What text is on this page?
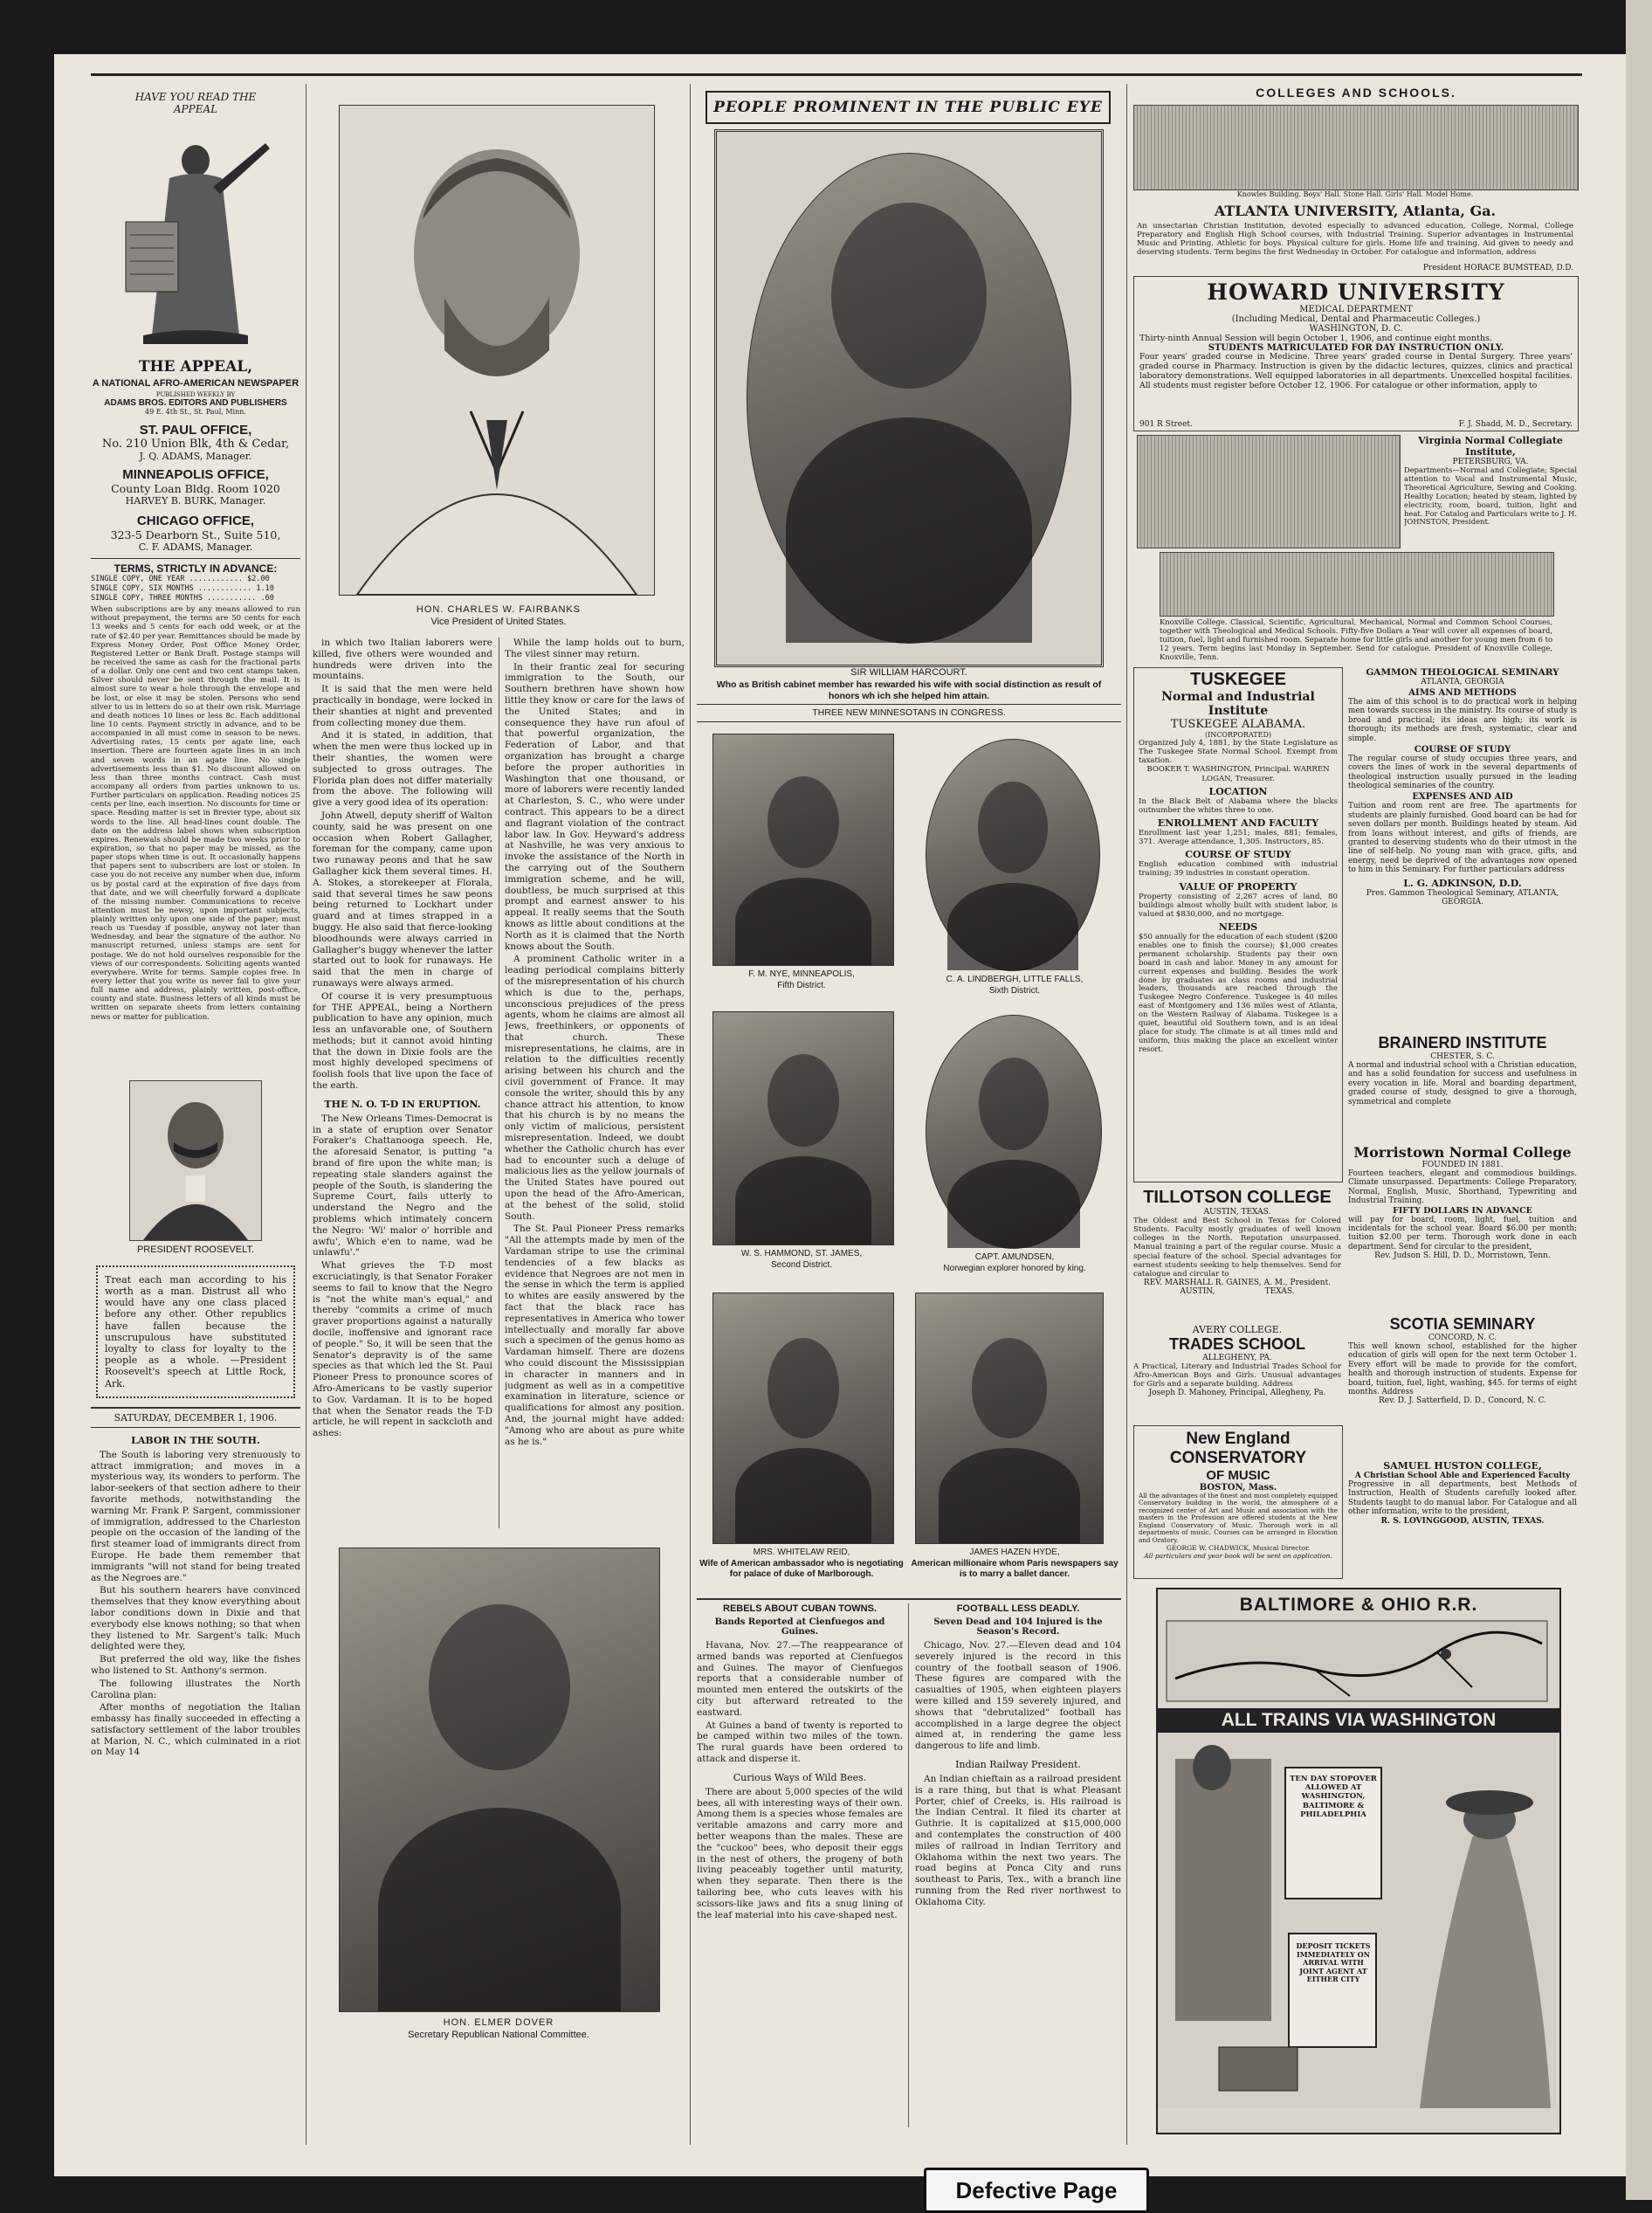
HAVE YOU READ THE APPEAL
THE APPEAL,
A NATIONAL AFRO-AMERICAN NEWSPAPER
PUBLISHED WEEKLY BY
ADAMS BROS. EDITORS AND PUBLISHERS
49 E. 4th St., St. Paul, Minn.
ST. PAUL OFFICE,
No. 210 Union Blk, 4th & Cedar,
J. Q. ADAMS, Manager.
MINNEAPOLIS OFFICE,
County Loan Bldg. Room 1020
HARVEY B. BURK, Manager.
CHICAGO OFFICE,
323-5 Dearborn St., Suite 510,
C. F. ADAMS, Manager.
TERMS, STRICTLY IN ADVANCE:
SINGLE COPY, ONE YEAR ............ $2.00
SINGLE COPY, SIX MONTHS ............ 1.10
SINGLE COPY, THREE MONTHS ........... .60

When subscriptions are by any means allowed to run without prepayment, the terms are 50 cents for each 13 weeks and 5 cents for each odd week, or at the rate of $2.40 per year. Remittances should be made by Express Money Order, Post Office Money Order, Registered Letter or Bank Draft. Postage stamps will be received the same as cash for the fractional parts of a dollar. Only one cent and two cent stamps taken. Silver should never be sent through the mail. It is almost sure to wear a hole through the envelope and be lost, or else it may be stolen. Persons who send silver to us in letters do so at their own risk. Marriage and death notices 10 lines or less 8c. Each additional line 10 cents. Payment strictly in advance, and to be accompanied in all must come in season to be news. Advertising rates, 15 cents per agate line, each insertion. There are fourteen agate lines in an inch and seven words in an agate line. No single advertisements less than $1. No discount allowed on less than three months contract. Cash must accompany all orders from parties unknown to us. Further particulars on application. Reading notices 25 cents per line, each insertion. No discounts for time or space. Reading matter is set in Brevier type, about six words to the line. All head-lines count double. The date on the address label shows when subscription expires. Renewals should be made two weeks prior to expiration, so that no paper may be missed, as the paper stops when time is out. It occasionally happens that papers sent to subscribers are lost or stolen. In case you do not receive any number when due, inform us by postal card at the expiration of five days from that date, and we will cheerfully forward a duplicate of the missing number. Communications to receive attention must be newsy, upon important subjects, plainly written only upon one side of the paper; must reach us Tuesday if possible, anyway not later than Wednesday, and bear the signature of the author. No manuscript returned, unless stamps are sent for postage. We do not hold ourselves responsible for the views of our correspondents. Soliciting agents wanted everywhere. Write for terms. Sample copies free. In every letter that you write us never fail to give your full name and address, plainly written, post-office, county and state. Business letters of all kinds must be written on separate sheets from letters containing news or matter for publication.

PRESIDENT ROOSEVELT.
Treat each man according to his worth as a man. Distrust all who would have any one class placed before any other. Other republics have fallen because the unscrupulous have substituted loyalty to class for loyalty to the people as a whole. —President Roosevelt's speech at Little Rock, Ark.
SATURDAY, DECEMBER 1, 1906.
LABOR IN THE SOUTH.

The South is laboring very strenuously to attract immigration; and moves in a mysterious way, its wonders to perform. The labor-seekers of that section adhere to their favorite methods, notwithstanding the warning Mr. Frank P. Sargent, commissioner of immigration, addressed to the Charleston people on the occasion of the landing of the first steamer load of immigrants direct from Europe. He bade them remember that immigrants "will not stand for being treated as the Negroes are."

But his southern hearers have convinced themselves that they know everything about labor conditions down in Dixie and that everybody else knows nothing; so that when they listened to Mr. Sargent's talk: Much delighted were they,

But preferred the old way, like the fishes who listened to St. Anthony's sermon.

The following illustrates the North Carolina plan:

After months of negotiation the Italian embassy has finally succeeded in effecting a satisfactory settlement of the labor troubles at Marion, N. C., which culminated in a riot on May 14

HON. CHARLES W. FAIRBANKS
Vice President of United States.

in which two Italian laborers were killed, five others were wounded and hundreds were driven into the mountains.

It is said that the men were held practically in bondage, were locked in their shanties at night and prevented from collecting money due them.

And it is stated, in addition, that when the men were thus locked up in their shanties, the women were subjected to gross outrages. The Florida plan does not differ materially from the above. The following will give a very good idea of its operation:

John Atwell, deputy sheriff of Walton county, said he was present on one occasion when Robert Gallagher, foreman for the company, came upon two runaway peons and that he saw Gallagher kick them several times. H. A. Stokes, a storekeeper at Florala, said that several times he saw peons being returned to Lockhart under guard and at times strapped in a buggy. He also said that fierce-looking bloodhounds were always carried in Gallagher's buggy whenever the latter started out to look for runaways. He said that the men in charge of runaways were always armed.

Of course it is very presumptuous for THE APPEAL, being a Northern publication to have any opinion, much less an unfavorable one, of Southern methods; but it cannot avoid hinting that the down in Dixie fools are the most highly developed specimens of foolish fools that live upon the face of the earth.

THE N. O. T-D IN ERUPTION.

The New Orleans Times-Democrat is in a state of eruption over Senator Foraker's Chattanooga speech. He, the aforesaid Senator, is putting "a brand of fire upon the white man; is repeating stale slanders against the people of the South, is slandering the Supreme Court, fails utterly to understand the Negro and the problems which intimately concern the Negro: 'Wi' malor o' horrible and awfu', Which e'en to name, wad be unlawfu'."

What grieves the T-D most excruciatingly, is that Senator Foraker seems to fail to know that the Negro is "not the white man's equal," and thereby "commits a crime of much graver proportions against a naturally docile, inoffensive and ignorant race of people." So, it will be seen that the Senator's depravity is of the same species as that which led the St. Paul Pioneer Press to pronounce scores of Afro-Americans to be vastly superior to Gov. Vardaman. It is to be hoped that when the Senator reads the T-D article, he will repent in sackcloth and ashes:

While the lamp holds out to burn, The vilest sinner may return.

In their frantic zeal for securing immigration to the South, our Southern brethren have shown how little they know or care for the laws of the United States; and in consequence they have run afoul of that powerful organization, the Federation of Labor, and that organization has brought a charge before the proper authorities in Washington that one thousand, or more of laborers were recently landed at Charleston, S. C., who were under contract. This appears to be a direct and flagrant violation of the contract labor law. In Gov. Heyward's address at Nashville, he was very anxious to invoke the assistance of the North in the carrying out of the Southern immigration scheme, and he will, doubtless, be much surprised at this prompt and earnest answer to his appeal. It really seems that the South knows as little about conditions at the North as it is claimed that the North knows about the South.

A prominent Catholic writer in a leading periodical complains bitterly of the misrepresentation of his church which is due to the, perhaps, unconscious prejudices of the press agents, whom he claims are almost all Jews, freethinkers, or opponents of that church. These misrepresentations, he claims, are in relation to the difficulties recently arising between his church and the civil government of France. It may console the writer, should this by any chance attract his attention, to know that his church is by no means the only victim of malicious, persistent misrepresentation. Indeed, we doubt whether the Catholic church has ever had to encounter such a deluge of malicious lies as the yellow journals of the United States have poured out upon the head of the Afro-American, at the behest of the solid, stolid South.

The St. Paul Pioneer Press remarks "All the attempts made by men of the Vardaman stripe to use the criminal tendencies of a few blacks as evidence that Negroes are not men in the sense in which the term is applied to whites are easily answered by the fact that the black race has representatives in America who tower intellectually and morally far above such a specimen of the genus homo as Vardaman himself. There are dozens who could discount the Mississippian in character in manners and in judgment as well as in a competitive examination in literature, science or qualifications for almost any position. And, the journal might have added: "Among who are about as pure white as he is."

HON. ELMER DOVER
Secretary Republican National Committee.
PEOPLE PROMINENT IN THE PUBLIC EYE
SIR WILLIAM HARCOURT.
Who as British cabinet member has rewarded his wife with social distinction as result of honors wh ich she helped him attain.
THREE NEW MINNESOTANS IN CONGRESS.
F. M. NYE, MINNEAPOLIS,
Fifth District.
C. A. LINDBERGH, LITTLE FALLS,
Sixth District.
W. S. HAMMOND, ST. JAMES,
Second District.
CAPT. AMUNDSEN,
Norwegian explorer honored by king.
MRS. WHITELAW REID,
Wife of American ambassador who is negotiating for palace of duke of Marlborough.
JAMES HAZEN HYDE,
American millionaire whom Paris newspapers say is to marry a ballet dancer.
REBELS ABOUT CUBAN TOWNS.
Bands Reported at Cienfuegos and Guines.

Havana, Nov. 27.—The reappearance of armed bands was reported at Cienfuegos and Guines. The mayor of Cienfuegos reports that a considerable number of mounted men entered the outskirts of the city but afterward retreated to the eastward.

At Guines a band of twenty is reported to be camped within two miles of the town. The rural guards have been ordered to attack and disperse it.

Curious Ways of Wild Bees.

There are about 5,000 species of the wild bees, all with interesting ways of their own. Among them is a species whose females are veritable amazons and carry more and better weapons than the males. These are the "cuckoo" bees, who deposit their eggs in the nest of others, the progeny of both living peaceably together until maturity, when they separate. Then there is the tailoring bee, who cuts leaves with his scissors-like jaws and fits a snug lining of the leaf material into his cave-shaped nest.

FOOTBALL LESS DEADLY.
Seven Dead and 104 Injured is the Season's Record.

Chicago, Nov. 27.—Eleven dead and 104 severely injured is the record in this country of the football season of 1906. These figures are compared with the casualties of 1905, when eighteen players were killed and 159 severely injured, and shows that "debrutalized" football has accomplished in a large degree the object aimed at, in rendering the game less dangerous to life and limb.

Indian Railway President.

An Indian chieftain as a railroad president is a rare thing, but that is what Pleasant Porter, chief of Creeks, is. His railroad is the Indian Central. It filed its charter at Guthrie. It is capitalized at $15,000,000 and contemplates the construction of 400 miles of railroad in Indian Territory and Oklahoma within the next two years. The road begins at Ponca City and runs southeast to Paris, Tex., with a branch line running from the Red river northwest to Oklahoma City.

COLLEGES AND SCHOOLS.
Knowles Building. Boys' Hall. Stone Hall. Girls' Hall. Model Home.
ATLANTA UNIVERSITY, Atlanta, Ga.

An unsectarian Christian Institution, devoted especially to advanced education, College, Normal, College Preparatory and English High School courses, with Industrial Training. Superior advantages in Instrumental Music and Printing. Athletic for boys. Physical culture for girls. Home life and training. Aid given to needy and deserving students. Term begins the first Wednesday in October. For catalogue and information, address

President HORACE BUMSTEAD, D.D.
HOWARD UNIVERSITY
MEDICAL DEPARTMENT
(Including Medical, Dental and Pharmaceutic Colleges.)
WASHINGTON, D. C.

Thirty-ninth Annual Session will begin October 1, 1906, and continue eight months.

STUDENTS MATRICULATED FOR DAY INSTRUCTION ONLY.

Four years' graded course in Medicine. Three years' graded course in Dental Surgery. Three years' graded course in Pharmacy. Instruction is given by the didactic lectures, quizzes, clinics and practical laboratory demonstrations. Well equipped laboratories in all departments. Unexcelled hospital facilities. All students must register before October 12, 1906. For catalogue or other information, apply to

901 R Street.	F. J. Shadd, M. D., Secretary.
Virginia Normal Collegiate Institute,
PETERSBURG, VA.

Departments—Normal and Collegiate; Special attention to Vocal and Instrumental Music, Theoretical Agriculture, Sewing and Cooking. Healthy Location; heated by steam, lighted by electricity, room, board, tuition, light and heat. For Catalog and Particulars write to J. H. JOHNSTON, President.

Knoxville College. Classical, Scientific, Agricultural, Mechanical, Normal and Common School Courses, together with Theological and Medical Schools. Fifty-five Dollars a Year will cover all expenses of board, tuition, fuel, light and furnished room. Separate home for little girls and another for young men from 6 to 12 years. Term begins last Monday in September. Send for catalogue. President of Knoxville College, Knoxville, Tenn.

TUSKEGEE
Normal and Industrial Institute
TUSKEGEE ALABAMA.
(INCORPORATED)

Organized July 4, 1881, by the State Legislature as The Tuskegee State Normal School. Exempt from taxation.

BOOKER T. WASHINGTON, Principal. WARREN LOGAN, Treasurer.

LOCATION

In the Black Belt of Alabama where the blacks outnumber the whites three to one.

ENROLLMENT AND FACULTY

Enrollment last year 1,251; males, 881; females, 371. Average attendance, 1,305. Instructors, 85.

COURSE OF STUDY

English education combined with industrial training; 39 industries in constant operation.

VALUE OF PROPERTY

Property consisting of 2,267 acres of land, 80 buildings almost wholly built with student labor, is valued at $830,000, and no mortgage.

NEEDS

$50 annually for the education of each student ($200 enables one to finish the course); $1,000 creates permanent scholarship. Students pay their own board in cash and labor. Money in any amount for current expenses and building. Besides the work done by graduates as class rooms and industrial leaders, thousands are reached through the Tuskegee Negro Conference. Tuskegee is 40 miles east of Montgomery and 136 miles west of Atlanta, on the Western Railway of Alabama. Tuskegee is a quiet, beautiful old Southern town, and is an ideal place for study. The climate is at all times mild and uniform, thus making the place an excellent winter resort.

GAMMON THEOLOGICAL SEMINARY
ATLANTA, GEORGIA
AIMS AND METHODS

The aim of this school is to do practical work in helping men towards success in the ministry. Its course of study is broad and practical; its ideas are high; its work is thorough; its methods are fresh, systematic, clear and simple.

COURSE OF STUDY

The regular course of study occupies three years, and covers the lines of work in the several departments of theological instruction usually pursued in the leading theological seminaries of the country.

EXPENSES AND AID

Tuition and room rent are free. The apartments for students are plainly furnished. Good board can be had for seven dollars per month. Buildings heated by steam. Aid from loans without interest, and gifts of friends, are granted to deserving students who do their utmost in the line of self-help. No young man with grace, gifts, and energy, need be deprived of the advantages now opened to him in this Seminary. For further particulars address

L. G. ADKINSON, D.D.
Pres. Gammon Theological Seminary, ATLANTA, GEORGIA.
BRAINERD INSTITUTE
CHESTER, S. C.

A normal and industrial school with a Christian education, and has a solid foundation for success and usefulness in every vocation in life. Moral and boarding department, graded course of study, designed to give a thorough, symmetrical and complete

TILLOTSON COLLEGE
AUSTIN, TEXAS.

The Oldest and Best School in Texas for Colored Students. Faculty mostly graduates of well known colleges in the North. Reputation unsurpassed. Manual training a part of the regular course. Music a special feature of the school. Special advantages for earnest students seeking to help themselves. Send for catalogue and circular to

REV. MARSHALL R. GAINES, A. M., President.
AUSTIN,                    TEXAS.
Morristown Normal College
FOUNDED IN 1881.

Fourteen teachers, elegant and commodious buildings. Climate unsurpassed. Departments: College Preparatory, Normal, English, Music, Shorthand, Typewriting and Industrial Training.

FIFTY DOLLARS IN ADVANCE

will pay for board, room, light, fuel, tuition and incidentals for the school year. Board $6.00 per month; tuition $2.00 per term. Thorough work done in each department. Send for circular to the president,

Rev. Judson S. Hill, D. D., Morristown, Tenn.
AVERY COLLEGE.
TRADES SCHOOL
ALLEGHENY, PA.

A Practical, Literary and Industrial Trades School for Afro-American Boys and Girls. Unusual advantages for Girls and a separate building. Address

Joseph D. Mahoney, Principal, Allegheny, Pa.
SCOTIA SEMINARY
CONCORD, N. C.

This well known school, established for the higher education of girls will open for the next term October 1. Every effort will be made to provide for the comfort, health and thorough instruction of students. Expense for board, tuition, fuel, light, washing, $45. for terms of eight months. Address

Rev. D. J. Satterfield, D. D., Concord, N. C.
New England
CONSERVATORY
OF MUSIC
BOSTON, Mass.

All the advantages of the finest and most completely equipped Conservatory building in the world, the atmosphere of a recognized center of Art and Music and association with the masters in the Profession are offered students at the New England Conservatory of Music. Thorough work in all departments of music. Courses can be arranged in Elocution and Oratory.

GEORGE W. CHADWICK, Musical Director.
All particulars and year book will be sent on application.
SAMUEL HUSTON COLLEGE,
A Christian School Able and Experienced Faculty

Progressive in all departments, best Methods of Instruction, Health of Students carefully looked after. Students taught to do manual labor. For Catalogue and all other information, write to the president,

R. S. LOVINGGOOD, AUSTIN, TEXAS.
BALTIMORE & OHIO R.R.
ALL TRAINS VIA WASHINGTON
TEN DAY STOPOVER ALLOWED AT WASHINGTON, BALTIMORE & PHILADELPHIA
DEPOSIT TICKETS IMMEDIATELY ON ARRIVAL WITH JOINT AGENT AT EITHER CITY
Defective Page
